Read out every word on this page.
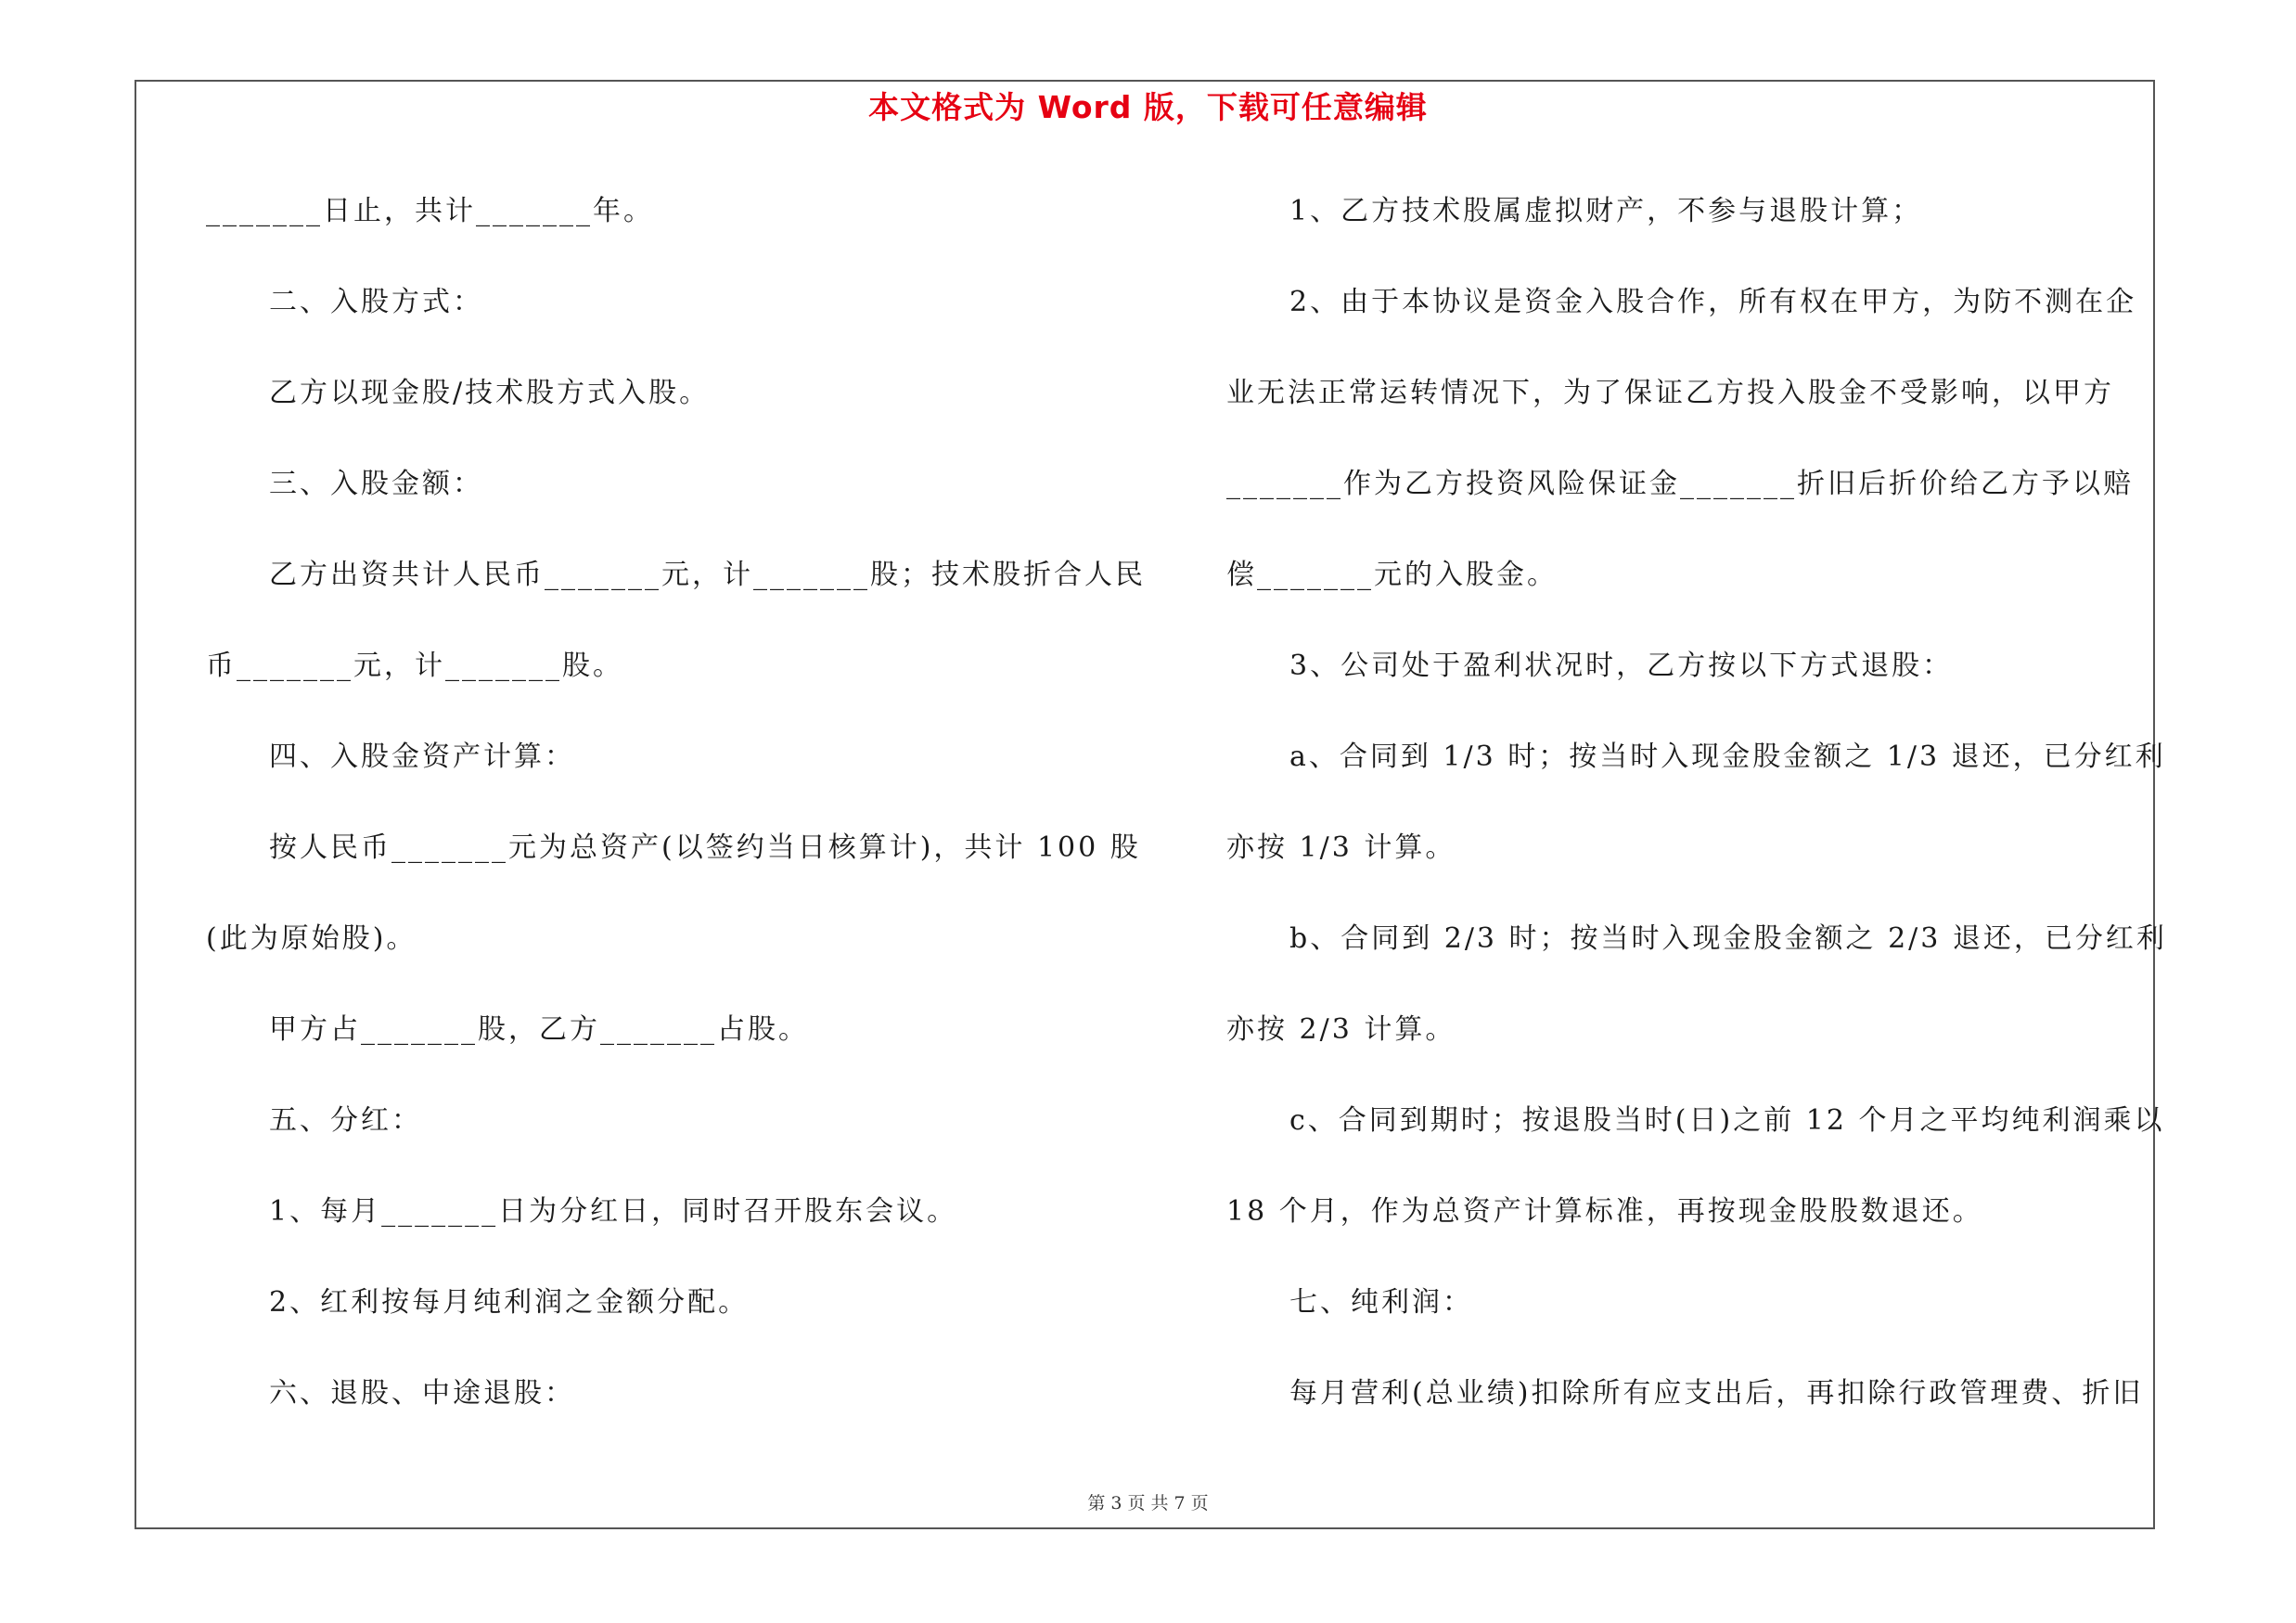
本文格式为 Word 版，下载可任意编辑
_______日止，共计_______年。
二、入股方式：
乙方以现金股/技术股方式入股。
三、入股金额：
乙方出资共计人民币_______元，计_______股；技术股折合人民
币_______元，计_______股。
四、入股金资产计算：
按人民币_______元为总资产(以签约当日核算计)，共计 100 股
(此为原始股)。
甲方占_______股，乙方_______占股。
五、分红：
1、每月_______日为分红日，同时召开股东会议。
2、红利按每月纯利润之金额分配。
六、退股、中途退股：
1、乙方技术股属虚拟财产，不参与退股计算；
2、由于本协议是资金入股合作，所有权在甲方，为防不测在企
业无法正常运转情况下，为了保证乙方投入股金不受影响，以甲方
_______作为乙方投资风险保证金_______折旧后折价给乙方予以赔
偿_______元的入股金。
3、公司处于盈利状况时，乙方按以下方式退股：
a、合同到 1/3 时；按当时入现金股金额之 1/3 退还，已分红利
亦按 1/3 计算。
b、合同到 2/3 时；按当时入现金股金额之 2/3 退还，已分红利
亦按 2/3 计算。
c、合同到期时；按退股当时(日)之前 12 个月之平均纯利润乘以
18 个月，作为总资产计算标准，再按现金股股数退还。
七、纯利润：
每月营利(总业绩)扣除所有应支出后，再扣除行政管理费、折旧
第 3 页 共 7 页
